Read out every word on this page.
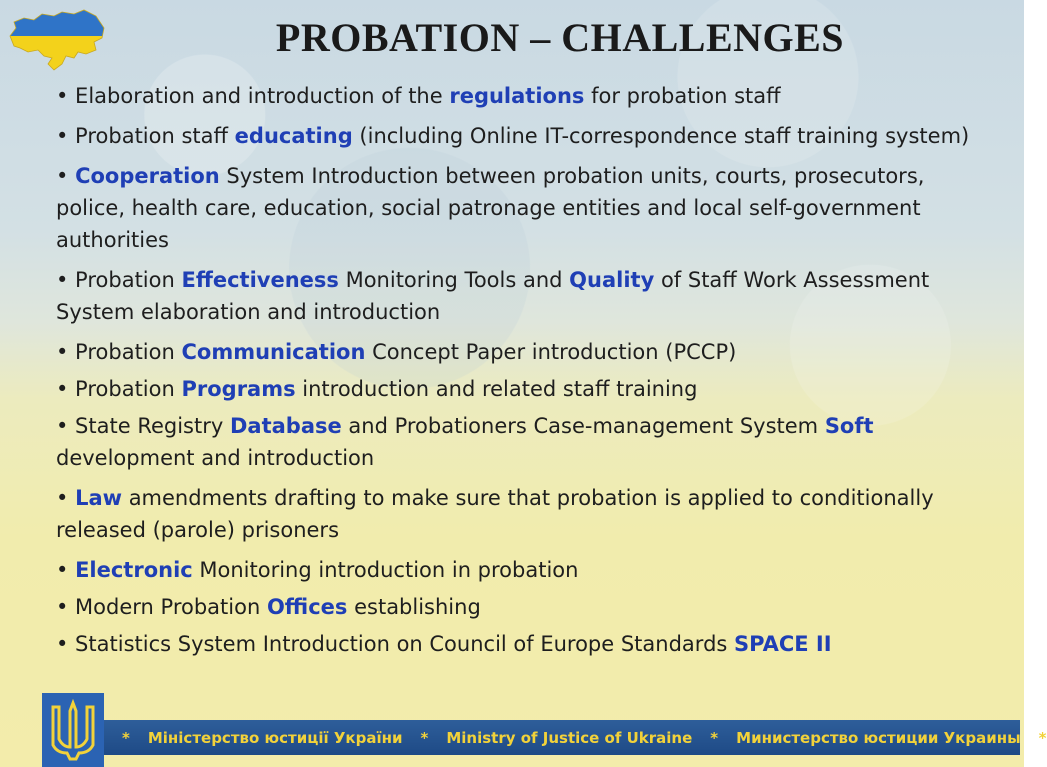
PROBATION – CHALLENGES
• Elaboration and introduction of the regulations for probation staff
• Probation staff educating (including Online IT-correspondence staff training system)
• Cooperation System Introduction between probation units, courts, prosecutors, police, health care, education, social patronage entities and local self-government authorities
• Probation Effectiveness Monitoring Tools and Quality of Staff Work Assessment System elaboration and introduction
• Probation Communication Concept Paper introduction (PCCP)
• Probation Programs introduction and related staff training
• State Registry Database and Probationers Case-management System Soft development and introduction
• Law amendments drafting to make sure that probation is applied to conditionally released (parole) prisoners
• Electronic Monitoring introduction in probation
• Modern Probation Offices establishing
• Statistics System Introduction on Council of Europe Standards SPACE II
* Міністерство юстиції України * Ministry of Justice of Ukraine * Министерство юстиции Украины *
